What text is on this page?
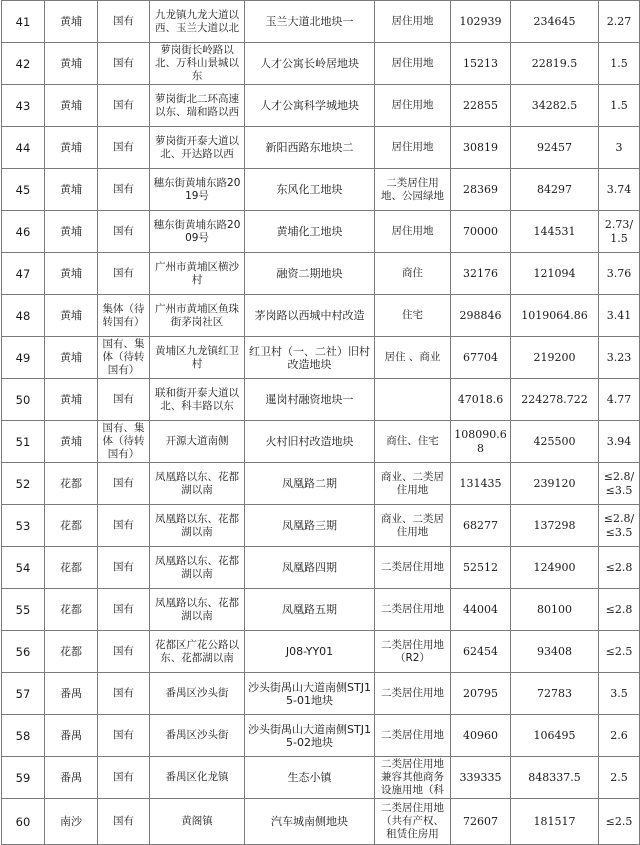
41	黄埔	国有	九龙镇九龙大道以西、玉兰大道以北	玉兰大道北地块一	居住用地	102939	234645	2.27
42	黄埔	国有	萝岗街长岭路以北、万科山景城以东	人才公寓长岭居地块	居住用地	15213	22819.5	1.5
43	黄埔	国有	萝岗街北二环高速以东、瑞和路以西	人才公寓科学城地块	居住用地	22855	34282.5	1.5
44	黄埔	国有	萝岗街开泰大道以北、开达路以西	新阳西路东地块二	居住用地	30819	92457	3
45	黄埔	国有	穗东街黄埔东路2019号	东风化工地块	二类居住用地、公园绿地	28369	84297	3.74
46	黄埔	国有	穗东街黄埔东路2009号	黄埔化工地块	居住用地	70000	144531	2.73/1.5
47	黄埔	国有	广州市黄埔区横沙村	融资二期地块	商住	32176	121094	3.76
48	黄埔	集体（待转国有）	广州市黄埔区鱼珠街茅岗社区	茅岗路以西城中村改造	住宅	298846	1019064.86	3.41
49	黄埔	国有、集体（待转国有）	黄埔区九龙镇红卫村	红卫村（一、二社）旧村改造地块	居住 、商业	67704	219200	3.23
50	黄埔	国有	联和街开泰大道以北、科丰路以东	暹岗村融资地块一		47018.6	224278.722	4.77
51	黄埔	国有、集体（待转国有）	开源大道南侧	火村旧村改造地块	商住、住宅	108090.68	425500	3.94
52	花都	国有	凤凰路以东、花都湖以南	凤凰路二期	商业、二类居住用地	131435	239120	≤2.8/≤3.5
53	花都	国有	凤凰路以东、花都湖以南	凤凰路三期	商业、二类居住用地	68277	137298	≤2.8/≤3.5
54	花都	国有	凤凰路以东、花都湖以南	凤凰路四期	二类居住用地	52512	124900	≤2.8
55	花都	国有	凤凰路以东、花都湖以南	凤凰路五期	二类居住用地	44004	80100	≤2.8
56	花都	国有	花都区广花公路以东、花都湖以南	J08-YY01	二类居住用地（R2）	62454	93408	≤2.5
57	番禺	国有	番禺区沙头街	沙头街禺山大道南侧STJ15-01地块	二类居住用地	20795	72783	3.5
58	番禺	国有	番禺区沙头街	沙头街禺山大道南侧STJ15-02地块	二类居住用地	40960	106495	2.6
59	番禺	国有	番禺区化龙镇	生态小镇	二类居住用地兼容其他商务设施用地（科	339335	848337.5	2.5
60	南沙	国有	黄阁镇	汽车城南侧地块	二类居住用地（共有产权、租赁住房用	72607	181517	≤2.5
